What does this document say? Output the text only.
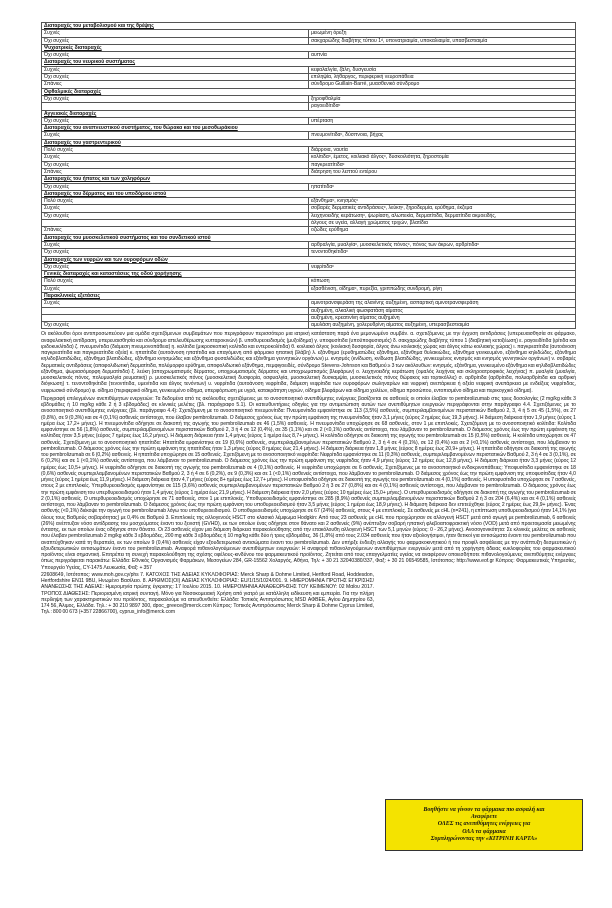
Διαταραχές του μεταβολισμού και της θρέψης	
Συχνές	μειωμένη όρεξη
Όχι συχνές	σακχαρώδης διαβήτης τύπου 1ᵈ, υπονατριαιμία, υποκαλιαιμία, υπασβεστιαιμία
Ψυχιατρικές διαταραχές	
Όχι συχνές	αυπνία
Διαταραχές του νευρικού συστήματος	
Συχνές	κεφαλαλγία, ζάλη, δυσγευσία
Όχι συχνές	επιληψία, λήθαργος, περιφερική νευροπάθεια
Σπάνιες	σύνδρομο Guillain-Barré, μυασθενικό σύνδρομο
Οφθαλμικές διαταραχές	
Όχι συχνές	ξηροφθαλμία
	ραγοειδίτιδαᶜ
Αγγειακές διαταραχές	
Όχι συχνές	υπέρταση
Διαταραχές του αναπνευστικού συστήματος, του θώρακα και του μεσοθωράκιου	
Συχνές	πνευμονίτιδαᶜ, δύσπνοια, βήχας
Διαταραχές του γαστρεντερικού	
Πολύ συχνές	διάρροια, ναυτία
Συχνές	κολίτιδαᶜ, έμετος, κοιλιακό άλγοςᶜ, δυσκοιλιότητα, ξηροστομία
Όχι συχνές	παγκρεατίτιδαᶜ
Σπάνιες	διάτρηση του λεπτού εντέρου
Διαταραχές του ήπατος και των χοληφόρων	
Όχι συχνές	ηπατίτιδαᶜ
Διαταραχές του δέρματος και του υποδόριου ιστού	
Πολύ συχνές	εξάνθημαᶜ, κνησμόςᶜ
Συχνές	σοβαρές δερματικές αντιδράσειςᶜ, λεύκηᶜ, ξηροδερμία, ερύθημα, έκζεμα
Όχι συχνές	λειχηνοειδής κεράτωσηᶜ, ψωρίαση, αλωπεκία, δερματίτιδα, δερματίτιδα ακμοειδής,
	άλγους σε υγεία, αλλαγή χρώματος τριχών, βλατίδια
Σπάνιες	οζώδες ερύθημα
Διαταραχές του μυοσκελετικού συστήματος και του συνδετικού ιστού	
Συχνές	αρθραλγία, μυαλγίαᶜ, μυοσκελετικός πόνοςᶜ, πόνος των άκρων, αρθρίτιδαᶜ
Όχι συχνές	τενοντοθηκίτιδαᶜ
Διαταραχές των νεφρών και των ουροφόρων οδών	
Όχι συχνές	νεφρίτιδαᶜ
Γενικές διαταραχές και καταστάσεις της οδού χορήγησης	
Πολύ συχνές	κόπωση
Συχνές	εξασθένιση, οίδημαᶜ, πυρεξία, γριππώδης συνδρομή, ρίγη
Παρακλινικές εξετάσεις	
Συχνές	αμινοτρανσφεράση της αλανίνης αυξημένη, ασπαρτική αμινοτρανσφεράση
	αυξημένη, αλκαλική φωσφατάση αίματος
	αυξημένη, κρεατινίνη αίματος αυξημένη
Όχι συχνές	αμυλάση αυξημένη, χολερυθρίνη αίματος αυξημένη, υπερασβεστιαιμία

Οι ακόλουθοι όροι αντιπροσωπεύουν μια ομάδα σχετιζόμενων συμβαμάτων που περιγράφουν περισσότερο μια ιατρική κατάσταση παρά ένα μεμονωμένο συμβάν. α. σχετιζόμενες με την έγχυση αντιδράσεις (υπερευαισθησία σε φάρμακο, αναφυλακτική αντίδραση, υπερευαισθησία και σύνδρομο απελευθέρωσης κυτταροκινών) β. υποθυρεοειδισμός (μυξοίδημα) γ. υποφυσίτιδα (υποϋποφυσισμός) δ. σακχαρώδης διαβήτης τύπου 1 (διαβητική κετοξέωση) ε. ραγοειδίτιδα (ιρίτιδα και ιριδοκυκλίτιδα) ζ. πνευμονίτιδα (διάμεση πνευμονοπάθεια) η. κολίτιδα (μικροσκοπική κολίτιδα και εντεροκολίτιδα) θ. κοιλιακό άλγος (κοιλιακή δυσφορία, άλγος άνω κοιλιακής χώρας και άλγος κάτω κοιλιακής χώρας) ι. παγκρεατίτιδα (αυτοάνοση παγκρεατίτιδα και παγκρεατίτιδα οξεία) κ. ηπατίτιδα (αυτοάνοση ηπατίτιδα και επαγόμενη από φάρμακο ηπατική βλάβη) λ. εξάνθημα (ερυθηματώδες εξάνθημα, εξάνθημα θυλακιώδες, εξάνθημα γενικευμένο, εξάνθημα κηλιδώδες, εξάνθημα κηλιδοβλατιδώδες, εξάνθημα βλατιδώδες, εξάνθημα κνησμώδες και εξάνθημα φυσαλιδώδες και εξάνθημα γεννητικών οργάνων) μ. κνησμός (κνίδωση, κνίδωση βλατιδώδης, γενικευμένος κνησμός και κνησμός γεννητικών οργάνων) ν. σοβαρές δερματικές αντιδράσεις (αποφολιδωτική δερματίτιδα, πολύμορφο ερύθημα, αποφολιδωτικό εξάνθημα, πεμφιγοειδές, σύνδρομο Stevens-Johnson και Βαθμού ≥ 3 των ακόλουθων: κνησμός, εξάνθημα, γενικευμένο εξάνθημα και κηλιδοβλατιδώδες εξάνθημα, ψωριασόμορφη δερματίτιδα) ξ. λεύκη (αποχρωματισμός δέρματος, υποχρωματισμός δέρματος και υποχρωματισμός βλεφάρων) ο. λειχηνοειδής κεράτωση (ομαλός λειχήνας και σκληροατροφικός λειχήνας) π. μυαλγία (μυαλγία, μυοσκελετικός πόνος, πολυμυαλγία ρευματική) ρ. μυοσκελετικός πόνος (μυοσκελετική δυσφορία, οσφυαλγία, μυοσκελετική δυσκαμψία, μυοσκελετικός πόνος θώρακος και τορτικόλλις) σ. αρθρίτιδα (αρθρίτιδα, πολυαρθρίτιδα και αρθρική διόγκωση) τ. τενοντοθηκίτιδα (τενοντίτιδα, υμενίτιδα και άλγος τενόντων) υ. νεφρίτιδα (αυτοάνοση νεφρίτιδα, διάμεση νεφρίτιδα των ουροφόρων σωληναρίων και νεφρική ανεπάρκεια ή οξεία νεφρική ανεπάρκεια με ενδείξεις νεφρίτιδας, νεφρωσικό σύνδρομο) φ. οίδημα (περιφερικό οίδημα, γενικευμένο οίδημα, υπερφόρτωση με υγρά, κατακράτηση υγρών, οίδημα βλεφάρων και οίδημα χειλέων, οίδημα προσώπου, εντοπισμένο οίδημα και περικογχικό οίδημα).

Περιγραφή επιλεγμένων ανεπιθύμητων ενεργειών: Τα δεδομένα από τις ακόλουθες σχετιζόμενες με το ανοσοποιητικό ανεπιθύμητες ενέργειες βασίζονται σε ασθενείς οι οποίοι έλαβαν το pembrolizumab στις τρεις δοσολογίες (2 mg/kg κάθε 3 εβδομάδες ή 10 mg/kg κάθε 2 ή 3 εβδομάδες) σε κλινικές μελέτες (βλ. παράγραφο 5.1). Οι κατευθυντήριες οδηγίες για την αντιμετώπιση αυτών των ανεπιθύμητων ενεργειών περιγράφονται στην παράγραφο 4.4. Σχετιζόμενες με το ανοσοποιητικό ανεπιθύμητες ενέργειες (βλ. παράγραφο 4.4): Σχετιζόμενη με το ανοσοποιητικό πνευμονίτιδα: Πνευμονίτιδα εμφανίστηκε σε 113 (3,5%) ασθενείς, συμπεριλαμβανομένων περιστατικών Βαθμού 2, 3, 4 ή 5 σε 45 (1,5%), σε 27 (0,8%), σε 9 (0,3%) και σε 4 (0,1%) ασθενείς αντίστοιχα, που έλαβαν pembrolizumab. Ο διάμεσος χρόνος έως την πρώτη εμφάνιση της πνευμονίτιδας ήταν 3,1 μήνες (εύρος 2 ημέρες έως 19,3 μήνες). Η διάμεση διάρκεια ήταν 1,9 μήνες (εύρος 1 ημέρα έως 17,2+ μήνες). Η πνευμονίτιδα οδήγησε σε διακοπή της αγωγής του pembrolizumab σε 46 (1,5%) ασθενείς. Η πνευμονίτιδα υποχώρησε σε 68 ασθενείς, στον 1 με επιπλοκές. Σχετιζόμενη με το ανοσοποιητικό κολίτιδα: Κολίτιδα εμφανίστηκε σε 56 (1,8%) ασθενείς, συμπεριλαμβανομένων περιστατικών Βαθμού 2, 3 ή 4 σε 12 (0,4%), σε 35 (1,1%) και σε 2 (<0,1%) ασθενείς αντίστοιχα, που λάμβαναν το pembrolizumab. Ο διάμεσος χρόνος έως την πρώτη εμφάνιση της κολίτιδας ήταν 3,5 μήνες (εύρος 7 ημέρες έως 16,2 μήνες). Η διάμεση διάρκεια ήταν 1,4 μήνες (εύρος 1 ημέρα έως 8,7+ μήνες). Η κολίτιδα οδήγησε σε διακοπή της αγωγής του pembrolizumab σε 15 (0,5%) ασθενείς. Η κολίτιδα υποχώρησε σε 47 ασθενείς. Σχετιζόμενη με το ανοσοποιητικό ηπατίτιδα: Ηπατίτιδα εμφανίστηκε σε 19 (0,6%) ασθενείς, συμπεριλαμβανομένων περιστατικών Βαθμού 2, 3 ή 4 σε 4 (0,1%), σε 12 (0,4%) και σε 2 (<0,1%) ασθενείς αντίστοιχα, που λάμβαναν το pembrolizumab. Ο διάμεσος χρόνος έως την πρώτη εμφάνιση της ηπατίτιδας ήταν 1,3 μήνες (εύρος 8 ημέρες έως 21,4 μήνες). Η διάμεση διάρκεια ήταν 1,8 μήνες (εύρος 8 ημέρες έως 20,9+ μήνες). Η ηπατίτιδα οδήγησε σε διακοπή της αγωγής του pembrolizumab σε 6 (0,2%) ασθενείς. Η ηπατίτιδα υποχώρησε σε 15 ασθενείς. Σχετιζόμενη με το ανοσοποιητικό νεφρίτιδα: Νεφρίτιδα εμφανίστηκε σε 11 (0,3%) ασθενείς, συμπεριλαμβανομένων περιστατικών Βαθμού 2, 3 ή 4 σε 3 (0,1%), σε 6 (0,2%) και σε 1 (<0,1%) ασθενείς αντίστοιχα, που λάμβαναν το pembrolizumab. Ο διάμεσος χρόνος έως την πρώτη εμφάνιση της νεφρίτιδας ήταν 4,9 μήνες (εύρος 12 ημέρες έως 12,8 μήνες). Η διάμεση διάρκεια ήταν 3,3 μήνες (εύρος 12 ημέρες έως 10,5+ μήνες). Η νεφρίτιδα οδήγησε σε διακοπή της αγωγής του pembrolizumab σε 4 (0,1%) ασθενείς. Η νεφρίτιδα υποχώρησε σε 6 ασθενείς. Σχετιζόμενες με το ανοσοποιητικό ενδοκρινοπάθειες: Υποφυσίτιδα εμφανίστηκε σε 18 (0,6%) ασθενείς συμπεριλαμβανομένων περιστατικών Βαθμού 2, 3 ή 4 σε 6 (0,2%), σε 9 (0,3%) και σε 1 (<0,1%) ασθενείς αντίστοιχα, που λάμβαναν το pembrolizumab. Ο διάμεσος χρόνος έως την πρώτη εμφάνιση της υποφυσίτιδας ήταν 4,0 μήνες (εύρος 1 ημέρα έως 11,9 μήνες). Η διάμεση διάρκεια ήταν 4,7 μήνες (εύρος 8+ ημέρες έως 12,7+ μήνες). Η υποφυσίτιδα οδήγησε σε διακοπή της αγωγής του pembrolizumab σε 4 (0,1%) ασθενείς. Η υποφυσίτιδα υποχώρησε σε 7 ασθενείς, στους 2 με επιπλοκές. Υπερθυρεοειδισμός εμφανίστηκε σε 115 (3,6%) ασθενείς συμπεριλαμβανομένων περιστατικών Βαθμού 2 ή 3 σε 27 (0,8%) και σε 4 (0,1%) ασθενείς αντίστοιχα, που λάμβαναν το pembrolizumab. Ο διάμεσος χρόνος έως την πρώτη εμφάνιση του υπερθυρεοειδισμού ήταν 1,4 μήνες (εύρος 1 ημέρα έως 21,9 μήνες). Η διάμεση διάρκεια ήταν 2,0 μήνες (εύρος 10 ημέρες έως 15,0+ μήνες). Ο υπερθυρεοειδισμός οδήγησε σε διακοπή της αγωγής του pembrolizumab σε 2 (0,1%) ασθενείς. Ο υπερθυρεοειδισμός υποχώρησε σε 71 ασθενείς, στον 1 με επιπλοκές. Υποθυρεοειδισμός εμφανίστηκε σε 285 (8,9%) ασθενείς συμπεριλαμβανομένων περιστατικών Βαθμού 2 ή 3 σε 204 (6,4%) και σε 4 (0,1%) ασθενείς αντίστοιχα, που λάμβαναν το pembrolizumab. Ο διάμεσος χρόνος έως την πρώτη εμφάνιση του υποθυρεοειδισμού ήταν 3,5 μήνες (εύρος 1 ημέρα έως 18,9 μήνες). Η διάμεση διάρκεια δεν επιτεύχθηκε (εύρος 2 ημέρες έως 29,9+ μήνες). Ένας ασθενής (<0,1%) διέκοψε την αγωγή του pembrolizumab λόγω του υποθυρεοειδισμού. Ο υποθυρεοειδισμός υποχώρησε σε 67 (24%) ασθενείς, στους 4 με επιπλοκές. Σε ασθενείς με cHL (n=241), η επίπτωση υποθυρεοειδισμού ήταν 14,1% (για όλους τους Βαθμούς σοβαρότητας) με 0,4% σε Βαθμού 3. Επιπλοκές της αλλογενούς HSCT στο κλασικό λέμφωμα Hodgkin: Από τους 23 ασθενείς με cHL που προχώρησαν σε αλλογενή HSCT μετά από αγωγή με pembrolizumab, 6 ασθενείς (26%) ανέπτυξαν νόσο αντίδρασης του μοσχεύματος έναντι του ξενιστή (GVHD), εκ των οποίων ένας οδήγησε στον θάνατο και 2 ασθενείς (9%) ανέπτυξαν σοβαρή ηπατική φλεβοαποφρακτική νόσο (VOD) μετά από προετοιμασία μειωμένης έντασης, εκ των οποίων ένας οδήγησε στον θάνατο. Οι 23 ασθενείς είχαν μια διάμεση διάρκεια παρακολούθησης από την επακόλουθη αλλογενή HSCT των 5,1 μηνών (εύρος: 0 - 26,2 μήνες). Ανοσογονικότητα: Σε κλινικές μελέτες σε ασθενείς που έλαβαν pembrolizumab 2 mg/kg κάθε 3 εβδομάδες, 200 mg κάθε 3 εβδομάδες ή 10 mg/kg κάθε δύο ή τρεις εβδομάδες, 36 (1,8%) από τους 2.034 ασθενείς που ήταν αξιολογήσιμοι, ήταν θετικοί για αντισώματα έναντι του pembrolizumab που αναπτύχθηκαν κατά τη θεραπεία, εκ των οποίων 9 (0,4%) ασθενείς είχαν εξουδετερωτικά αντισώματα έναντι του pembrolizumab. Δεν υπήρξε ένδειξη αλλαγής του φαρμακοκινητικού ή του προφίλ ασφάλειας με την ανάπτυξη δεσμευτικών ή εξουδετερωτικών αντισωμάτων έναντι του pembrolizumab. Αναφορά πιθανολογούμενων ανεπιθύμητων ενεργειών: Η αναφορά πιθανολογούμενων ανεπιθύμητων ενεργειών μετά από τη χορήγηση άδειας κυκλοφορίας του φαρμακευτικού προϊόντος είναι σημαντική. Επιτρέπει τη συνεχή παρακολούθηση της σχέσης οφέλους-κινδύνου του φαρμακευτικού προϊόντος. Ζητείται από τους επαγγελματίες υγείας να αναφέρουν οποιεσδήποτε πιθανολογούμενες ανεπιθύμητες ενέργειες όπως περιγράφεται παρακάτω: Ελλάδα: Εθνικός Οργανισμός Φαρμάκων, Μεσογείων 284, GR-15562 Χολαργός, Αθήνα, Τηλ: + 30 21 32040380/337, Φαξ: + 30 21 06549585, Ιστότοπος: http://www.eof.gr Κύπρος: Φαρμακευτικές Υπηρεσίες, Υπουργείο Υγείας, CY-1475 Λευκωσία, Φαξ: + 357

22608649, Ιστότοπος: www.moh.gov.cy/phs 7. ΚΑΤΟΧΟΣ ΤΗΣ ΑΔΕΙΑΣ ΚΥΚΛΟΦΟΡΙΑΣ: Merck Sharp & Dohme Limited, Hertford Road, Hoddesdon, Hertfordshire EN11 9BU, Ηνωμένο Βασίλειο. 8. ΑΡΙΘΜΟΣ(ΟΙ) ΑΔΕΙΑΣ ΚΥΚΛΟΦΟΡΙΑΣ: EU/1/15/1024/001. 9. ΗΜΕΡΟΜΗΝΙΑ ΠΡΩΤΗΣ ΕΓΚΡΙΣΗΣ/ΑΝΑΝΕΩΣΗΣ ΤΗΣ ΑΔΕΙΑΣ: Ημερομηνία πρώτης έγκρισης: 17 Ιουλίου 2015. 10. ΗΜΕΡΟΜΗΝΙΑ ΑΝΑΘΕΩΡΗΣΗΣ ΤΟΥ ΚΕΙΜΕΝΟΥ: 02 Μαΐου 2017. ΤΡΟΠΟΣ ΔΙΑΘΕΣΗΣ: Περιορισμένη ιατρική συνταγή. Μόνο για Νοσοκομειακή Χρήση από γιατρό με κατάλληλη ειδίκευση και εμπειρία. Για την πλήρη περίληψη των χαρακτηριστικών του προϊόντος, παρακαλούμε να απευθυνθείτε: Ελλάδα: Τοπικός Αντιπρόσωπος MSD ΑΦΒΕΕ, Αγίου Δημητρίου 63, 174 56, Άλιμος, Ελλάδα. Τηλ.: + 30 210 9897 300, dpoc_greece@merck.com Κύπρος: Τοπικός Αντιπρόσωπος Merck Sharp & Dohme Cyprus Limited, Τηλ.: 800 00 673 (+357 22866700), cyprus_info@merck.com
Βοηθήστε να γίνουν τα φάρμακα πιο ασφαλή και
Αναφέρετε
ΟΛΕΣ τις ανεπιθύμητες ενέργειες για
ΟΛΑ τα φάρμακα
Συμπληρώνοντας την «ΚΙΤΡΙΝΗ ΚΑΡΤΑ»
